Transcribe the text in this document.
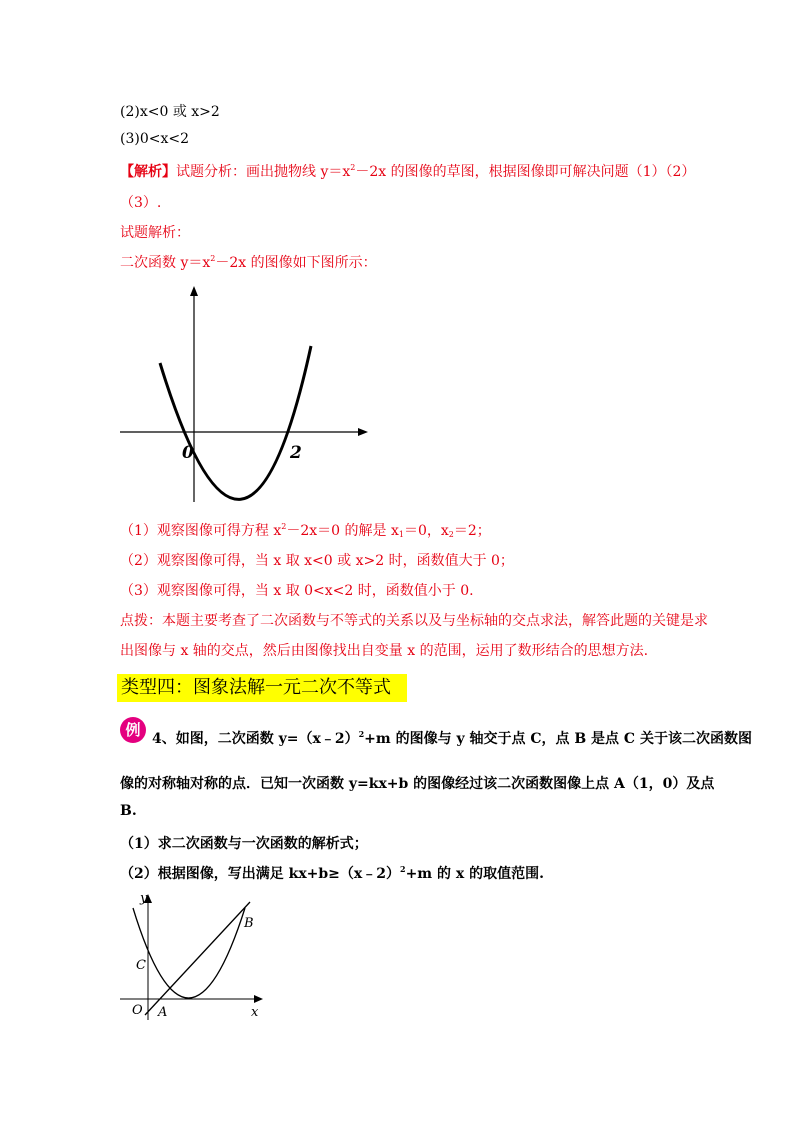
(2)x<0 或 x>2
(3)0<x<2
【解析】试题分析：画出抛物线 $y=x^2-2x$ 的图像的草图，根据图像即可解决问题（1）（2）
（3）.
试题解析：
二次函数 $y=x^2-2x$ 的图像如下图所示：
0	2
（1）观察图像可得方程 $x^2-2x=0$ 的解是 $x_1=0$，$x_2=2$；
（2）观察图像可得，当 x 取 x<0 或 x>2 时，函数值大于 0；
（3）观察图像可得，当 x 取 0<x<2 时，函数值小于 0.
点拨：本题主要考查了二次函数与不等式的关系以及与坐标轴的交点求法，解答此题的关键是求
出图像与 x 轴的交点，然后由图像找出自变量 x 的范围，运用了数形结合的思想方法.
类型四：图象法解一元二次不等式
例 4、如图，二次函数 y=（x﹣2）$^2$+m 的图像与 y 轴交于点 C，点 B 是点 C 关于该二次函数图
像的对称轴对称的点．已知一次函数 y=kx+b 的图像经过该二次函数图像上点 A（1，0）及点
B.
（1）求二次函数与一次函数的解析式；
（2）根据图像，写出满足 kx+b≥（x﹣2）$^2$+m 的 x 的取值范围.
y
x
O A
B
C
